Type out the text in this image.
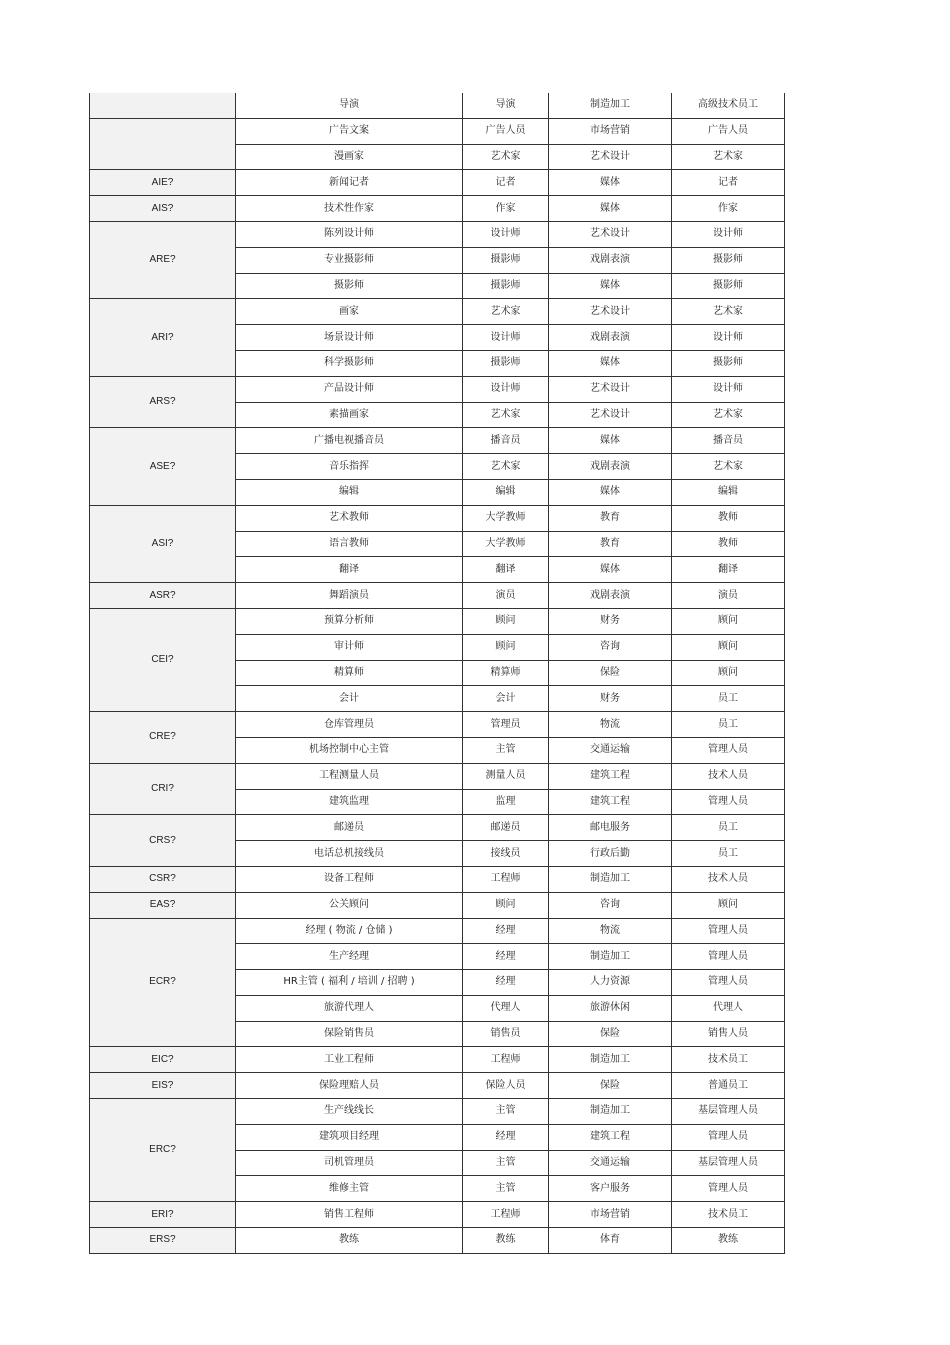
	导演	导演	制造加工	高级技术员工
	广告文案	广告人员	市场营销	广告人员
	漫画家	艺术家	艺术设计	艺术家
AIE?	新闻记者	记者	媒体	记者
AIS?	技术性作家	作家	媒体	作家
ARE?	陈列设计师	设计师	艺术设计	设计师
	专业摄影师	摄影师	戏剧表演	摄影师
	摄影师	摄影师	媒体	摄影师
ARI?	画家	艺术家	艺术设计	艺术家
	场景设计师	设计师	戏剧表演	设计师
	科学摄影师	摄影师	媒体	摄影师
ARS?	产品设计师	设计师	艺术设计	设计师
	素描画家	艺术家	艺术设计	艺术家
ASE?	广播电视播音员	播音员	媒体	播音员
	音乐指挥	艺术家	戏剧表演	艺术家
	编辑	编辑	媒体	编辑
ASI?	艺术教师	大学教师	教育	教师
	语言教师	大学教师	教育	教师
	翻译	翻译	媒体	翻译
ASR?	舞蹈演员	演员	戏剧表演	演员
CEI?	预算分析师	顾问	财务	顾问
	审计师	顾问	咨询	顾问
	精算师	精算师	保险	顾问
	会计	会计	财务	员工
CRE?	仓库管理员	管理员	物流	员工
	机场控制中心主管	主管	交通运输	管理人员
CRI?	工程测量人员	测量人员	建筑工程	技术人员
	建筑监理	监理	建筑工程	管理人员
CRS?	邮递员	邮递员	邮电服务	员工
	电话总机接线员	接线员	行政后勤	员工
CSR?	设备工程师	工程师	制造加工	技术人员
EAS?	公关顾问	顾问	咨询	顾问
ECR?	经理 ( 物流 / 仓储 )	经理	物流	管理人员
	生产经理	经理	制造加工	管理人员
	HR主管 ( 福利 / 培训 / 招聘 )	经理	人力资源	管理人员
	旅游代理人	代理人	旅游休闲	代理人
	保险销售员	销售员	保险	销售人员
EIC?	工业工程师	工程师	制造加工	技术员工
EIS?	保险理赔人员	保险人员	保险	普通员工
ERC?	生产线线长	主管	制造加工	基层管理人员
	建筑项目经理	经理	建筑工程	管理人员
	司机管理员	主管	交通运输	基层管理人员
	维修主管	主管	客户服务	管理人员
ERI?	销售工程师	工程师	市场营销	技术员工
ERS?	教练	教练	体育	教练
